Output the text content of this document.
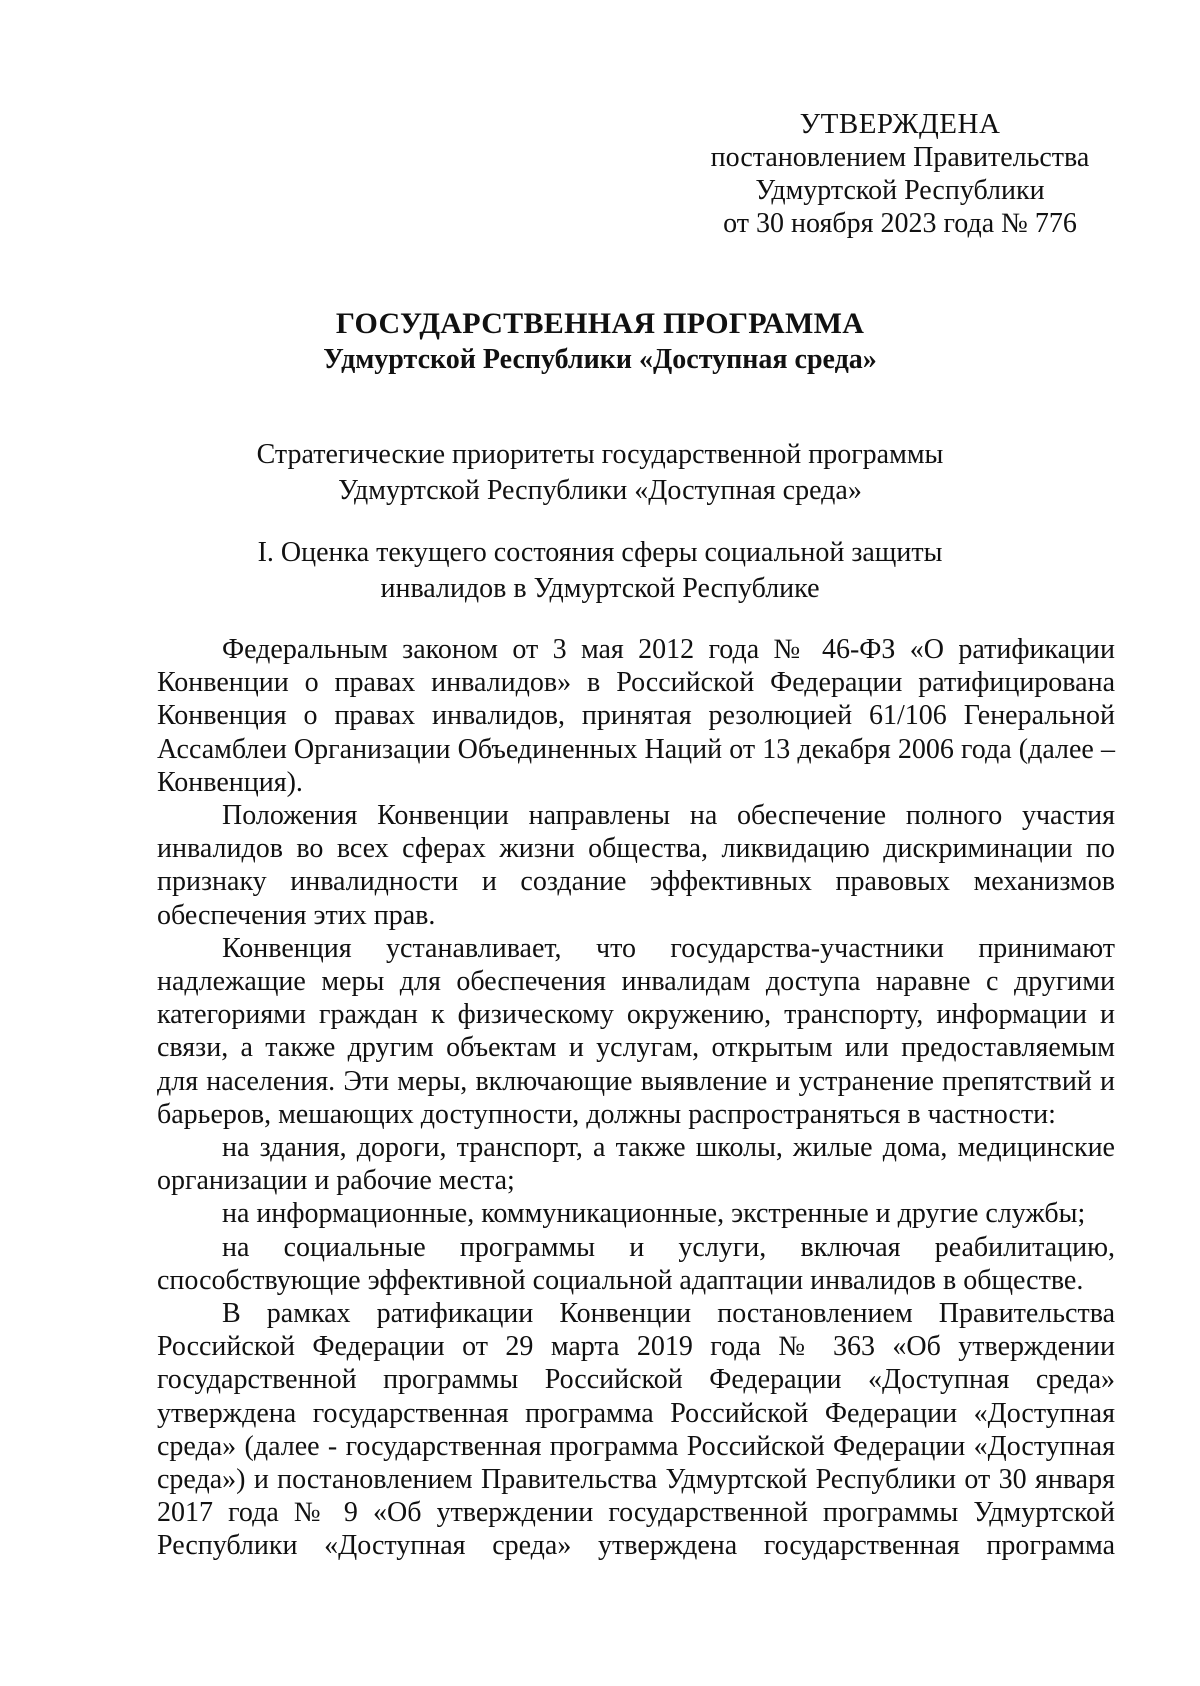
УТВЕРЖДЕНА
постановлением Правительства
Удмуртской Республики
от 30 ноября 2023 года № 776
ГОСУДАРСТВЕННАЯ ПРОГРАММА
Удмуртской Республики «Доступная среда»
Стратегические приоритеты государственной программы
Удмуртской Республики «Доступная среда»
I. Оценка текущего состояния сферы социальной защиты
инвалидов в Удмуртской Республике

Федеральным законом от 3 мая 2012 года № 46-ФЗ «О ратификации Конвенции о правах инвалидов» в Российской Федерации ратифицирована Конвенция о правах инвалидов, принятая резолюцией 61/106 Генеральной Ассамблеи Организации Объединенных Наций от 13 декабря 2006 года (далее – Конвенция).

Положения Конвенции направлены на обеспечение полного участия инвалидов во всех сферах жизни общества, ликвидацию дискриминации по признаку инвалидности и создание эффективных правовых механизмов обеспечения этих прав.

Конвенция устанавливает, что государства-участники принимают надлежащие меры для обеспечения инвалидам доступа наравне с другими категориями граждан к физическому окружению, транспорту, информации и связи, а также другим объектам и услугам, открытым или предоставляемым для населения. Эти меры, включающие выявление и устранение препятствий и барьеров, мешающих доступности, должны распространяться в частности:

на здания, дороги, транспорт, а также школы, жилые дома, медицинские организации и рабочие места;

на информационные, коммуникационные, экстренные и другие службы;

на социальные программы и услуги, включая реабилитацию, способствующие эффективной социальной адаптации инвалидов в обществе.

В рамках ратификации Конвенции постановлением Правительства Российской Федерации от 29 марта 2019 года № 363 «Об утверждении государственной программы Российской Федерации «Доступная среда» утверждена государственная программа Российской Федерации «Доступная среда» (далее - государственная программа Российской Федерации «Доступная среда») и постановлением Правительства Удмуртской Республики от 30 января 2017 года № 9 «Об утверждении государственной программы Удмуртской Республики «Доступная среда» утверждена государственная программа
